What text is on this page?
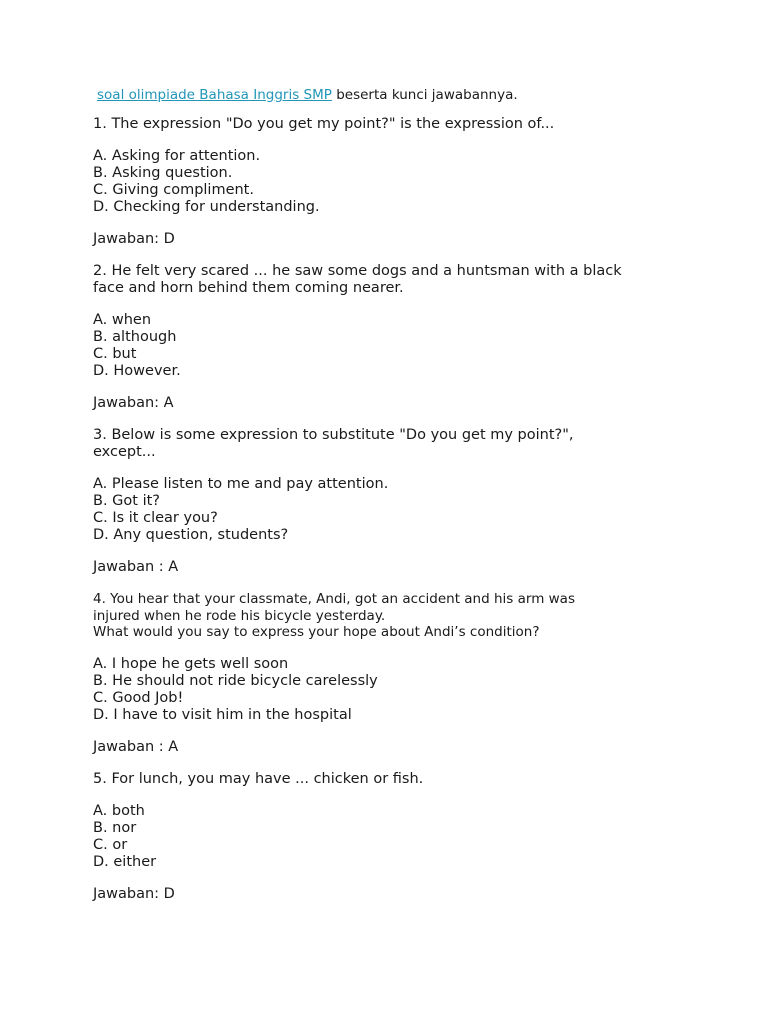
soal olimpiade Bahasa Inggris SMP beserta kunci jawabannya.

1. The expression "Do you get my point?" is the expression of...

A. Asking for attention.
B. Asking question.
C. Giving compliment.
D. Checking for understanding.

Jawaban: D

2. He felt very scared ... he saw some dogs and a huntsman with a black
face and horn behind them coming nearer.

A. when
B. although
C. but
D. However.

Jawaban: A

3. Below is some expression to substitute "Do you get my point?",
except...

A. Please listen to me and pay attention.
B. Got it?
C. Is it clear you?
D. Any question, students?

Jawaban : A

4. You hear that your classmate, Andi, got an accident and his arm was
injured when he rode his bicycle yesterday.
What would you say to express your hope about Andi’s condition?

A. I hope he gets well soon
B. He should not ride bicycle carelessly
C. Good Job!
D. I have to visit him in the hospital

Jawaban : A

5. For lunch, you may have ... chicken or fish.

A. both
B. nor
C. or
D. either

Jawaban: D
